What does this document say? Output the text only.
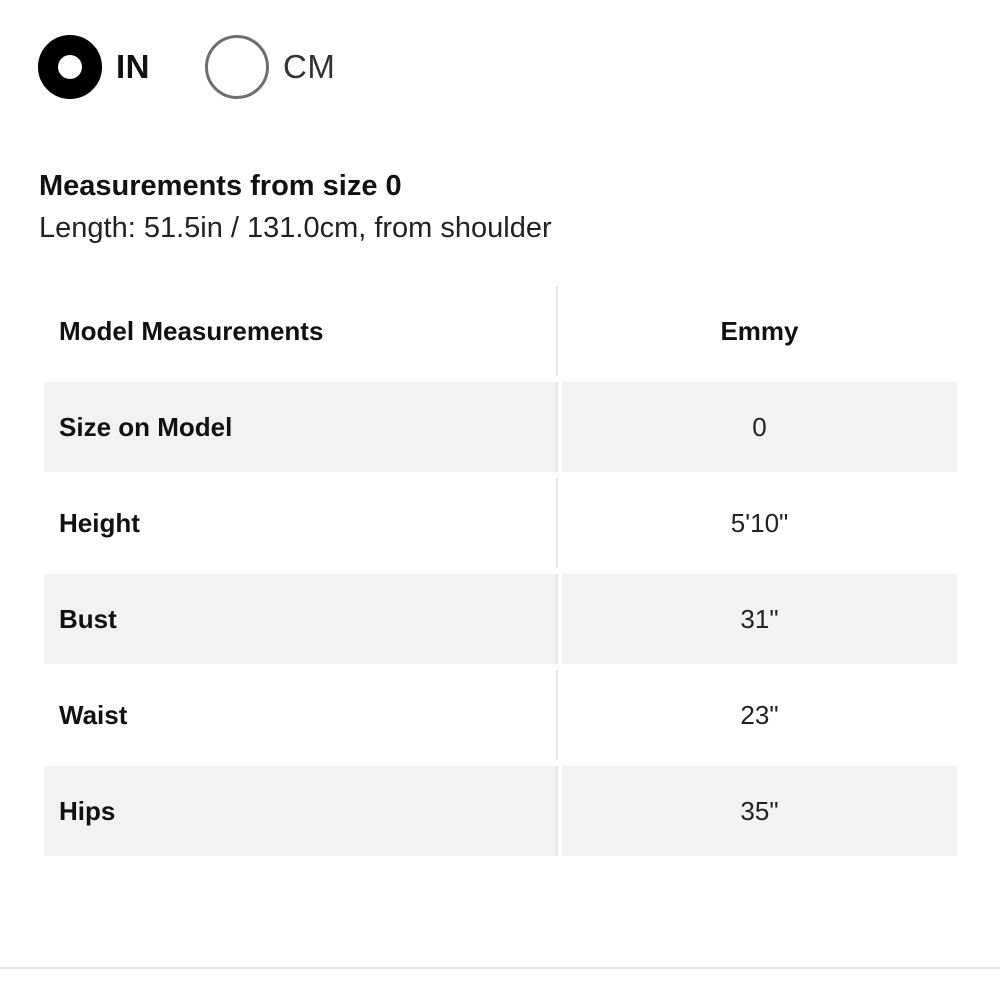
IN	CM
Measurements from size 0

Length: 51.5in / 131.0cm, from shoulder

Model Measurements	Emmy
Size on Model	0
Height	5'10"
Bust	31"
Waist	23"
Hips	35"
